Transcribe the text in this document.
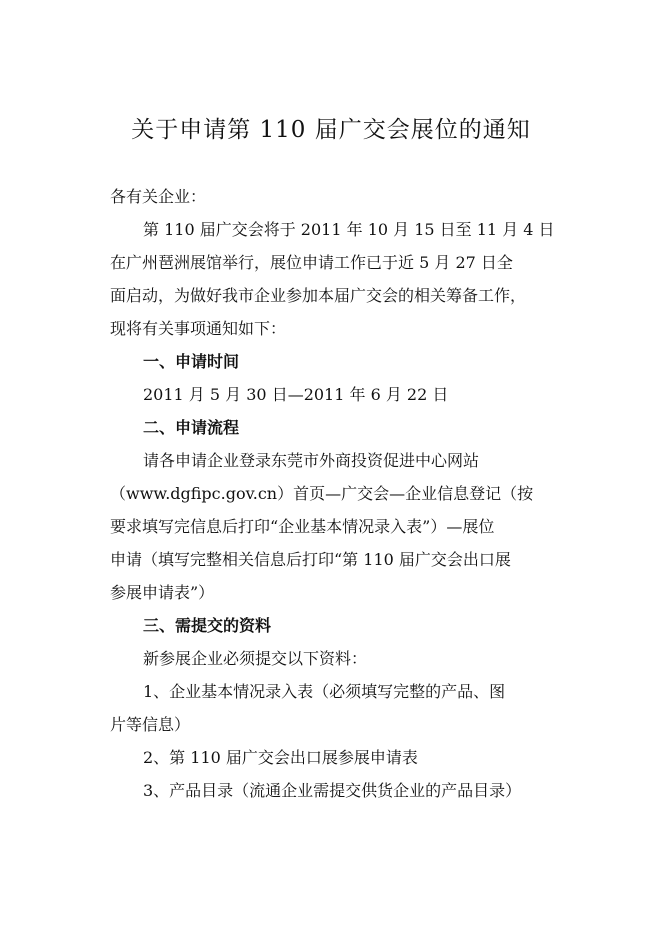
关于申请第 110 届广交会展位的通知

各有关企业：

第 110 届广交会将于 2011 年 10 月 15 日至 11 月 4 日
在广州琶洲展馆举行，展位申请工作已于近 5 月 27 日全
面启动，为做好我市企业参加本届广交会的相关筹备工作，
现将有关事项通知如下：

一、申请时间

2011 月 5 月 30 日—2011 年 6 月 22 日

二、申请流程

请各申请企业登录东莞市外商投资促进中心网站
（www.dgfipc.gov.cn）首页—广交会—企业信息登记（按
要求填写完信息后打印“企业基本情况录入表”）—展位
申请（填写完整相关信息后打印“第 110 届广交会出口展
参展申请表”）

三、需提交的资料

新参展企业必须提交以下资料：
1、企业基本情况录入表（必须填写完整的产品、图
片等信息）
2、第 110 届广交会出口展参展申请表
3、产品目录（流通企业需提交供货企业的产品目录）
